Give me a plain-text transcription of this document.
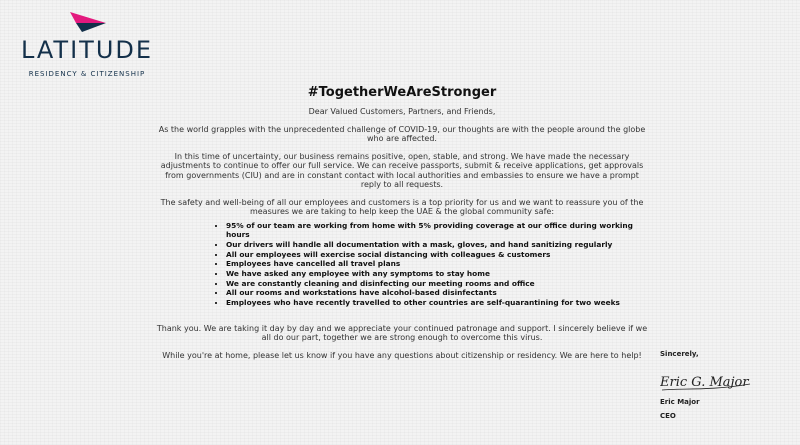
LATITUDE
RESIDENCY & CITIZENSHIP
#TogetherWeAreStronger

Dear Valued Customers, Partners, and Friends,

As the world grapples with the unprecedented challenge of COVID-19, our thoughts are with the people around the globe who are affected.

In this time of uncertainty, our business remains positive, open, stable, and strong. We have made the necessary adjustments to continue to offer our full service. We can receive passports, submit & receive applications, get approvals from governments (CIU) and are in constant contact with local authorities and embassies to ensure we have a prompt reply to all requests.

The safety and well-being of all our employees and customers is a top priority for us and we want to reassure you of the measures we are taking to help keep the UAE & the global community safe:

95% of our team are working from home with 5% providing coverage at our office during working hours
Our drivers will handle all documentation with a mask, gloves, and hand sanitizing regularly
All our employees will exercise social distancing with colleagues & customers
Employees have cancelled all travel plans
We have asked any employee with any symptoms to stay home
We are constantly cleaning and disinfecting our meeting rooms and office
All our rooms and workstations have alcohol-based disinfectants
Employees who have recently travelled to other countries are self-quarantining for two weeks

Thank you. We are taking it day by day and we appreciate your continued patronage and support. I sincerely believe if we all do our part, together we are strong enough to overcome this virus.

While you're at home, please let us know if you have any questions about citizenship or residency. We are here to help!	Sincerely,
Eric G. Major
Eric Major
CEO
